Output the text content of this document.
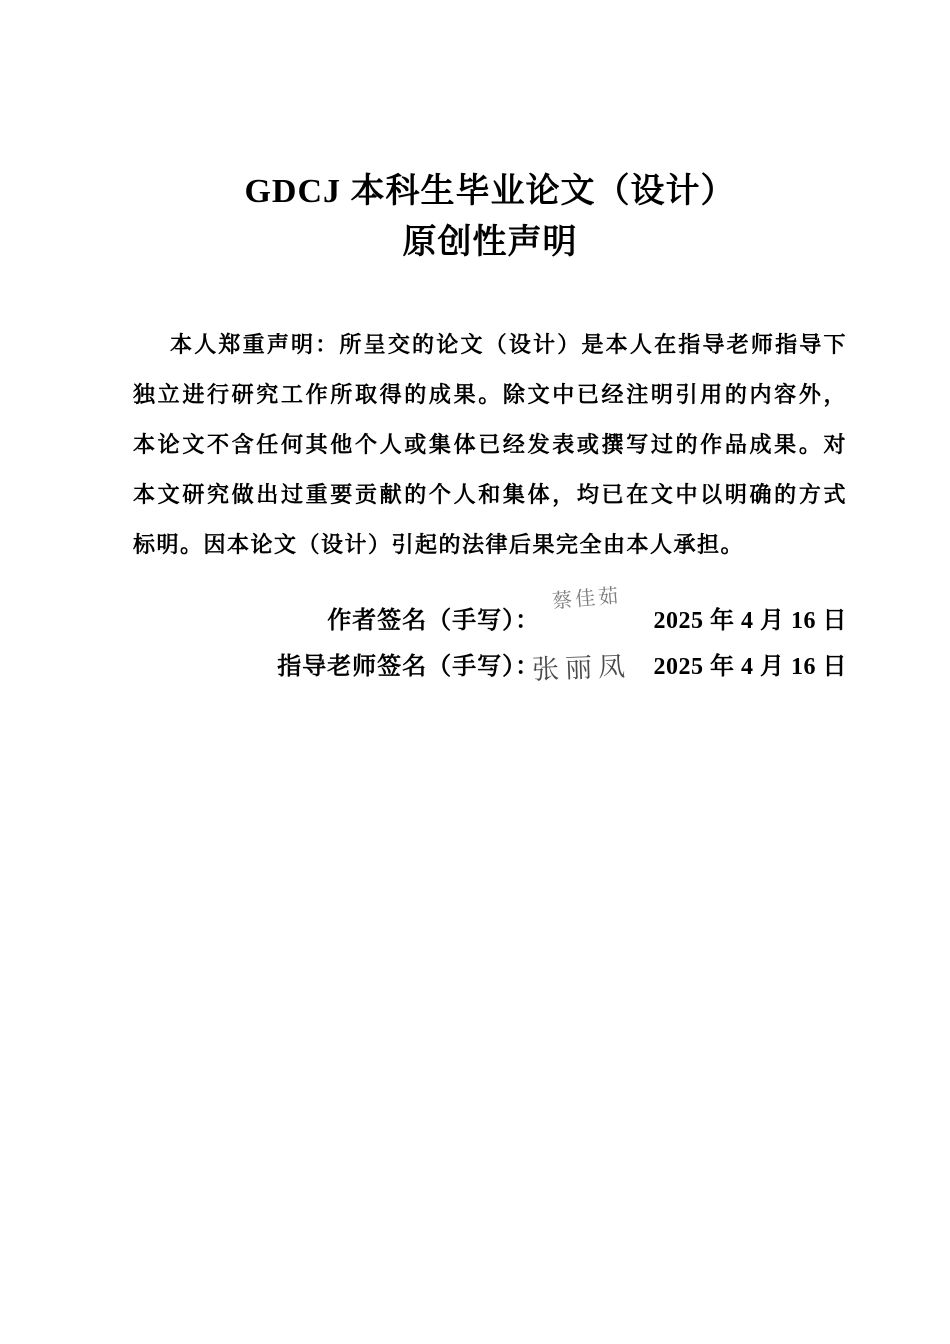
GDCJ 本科生毕业论文（设计）
原创性声明
本人郑重声明：所呈交的论文（设计）是本人在指导老师指导下
独立进行研究工作所取得的成果。除文中已经注明引用的内容外，
本论文不含任何其他个人或集体已经发表或撰写过的作品成果。对
本文研究做出过重要贡献的个人和集体，均已在文中以明确的方式
标明。因本论文（设计）引起的法律后果完全由本人承担。
作者签名（手写）：
蔡佳茹
2025 年 4 月 16 日
指导老师签名（手写）：
张丽凤 2025 年 4 月 16 日
